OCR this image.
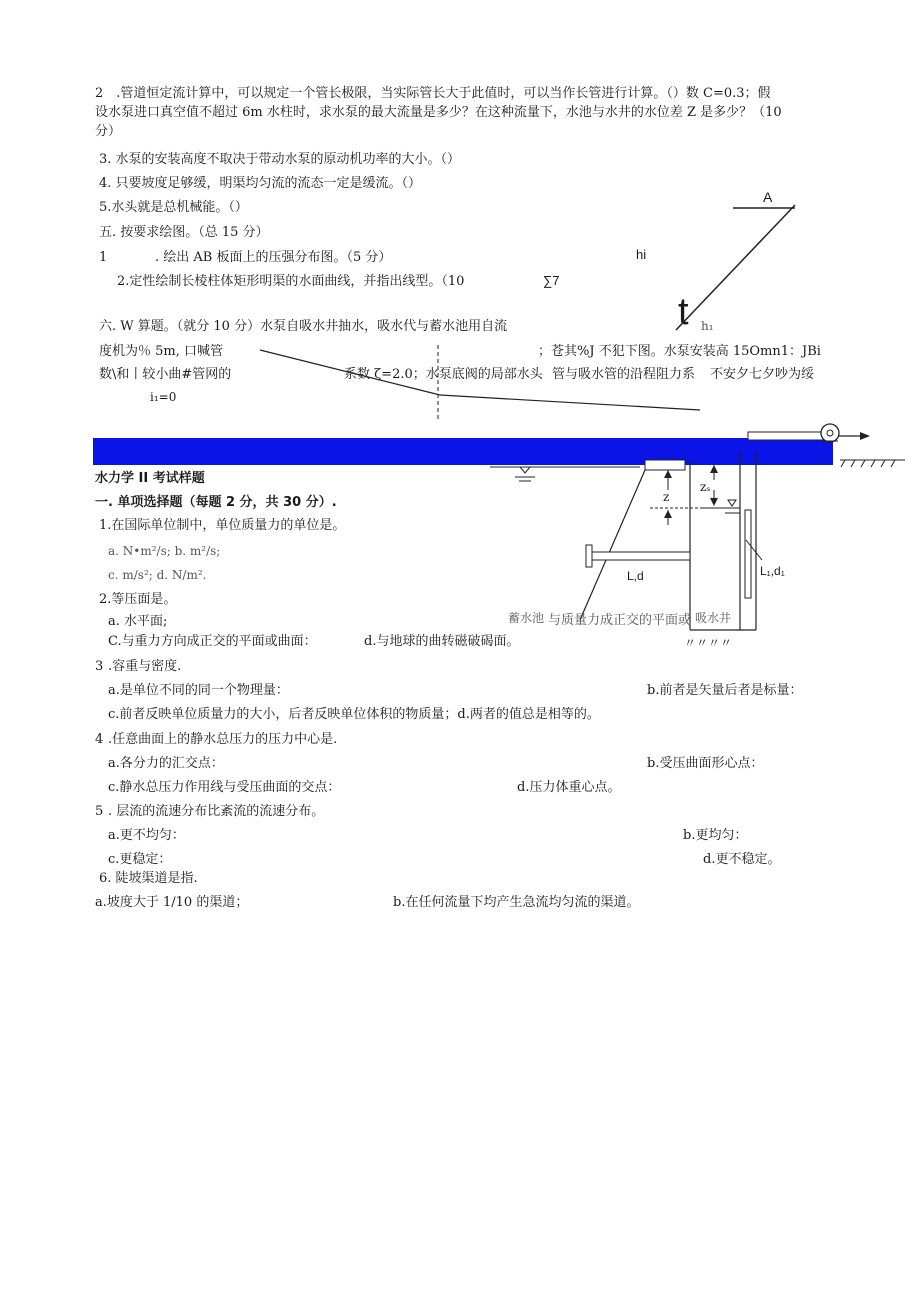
2　.管道恒定流计算中，可以规定一个管长极限，当实际管长大于此值时，可以当作长管进行计算。（）数 C=0.3；假
设水泵进口真空值不超过 6m 水柱时，求水泵的最大流量是多少？在这种流量下，水池与水井的水位差 Z 是多少？（10
分）
3. 水泵的安装高度不取决于带动水泵的原动机功率的大小。（）
4. 只要坡度足够缓，明渠均匀流的流态一定是缓流。（）
5.水头就是总机械能。（）
五. 按要求绘图。（总 15 分）
1	. 绘出 AB 板面上的压强分布图。（5 分）
2.定性绘制长棱柱体矩形明渠的水面曲线，并指出线型。（10
hi
∑7
A
t h₁
六. W 算题。（就分 10 分）水泵自吸水井抽水，吸水代与蓄水池用自流
度机为％ 5m, 口喊管	；苍其%J 不犯下图。水泵安装高 15Omn1：JBi
数\和丨较小曲#管网的	系数 ζ=2.0；水泵底阀的局部水头 管与吸水管的沿程阻力系 不安夕七夕吵为绥
i₁=0
zₛ
z
L,d	L₁,d₁
蓄水池	吸水井
与质量力成正交的平面或
〃〃〃〃
水力学 II 考试样题
一. 单项选择题（每题 2 分，共 30 分）.
1.在国际单位制中，单位质量力的单位是。
a. N•m²/s; b. m²/s;
c. m/s²; d. N/m².
2.等压面是。
a. 水平面;
C.与重力方向成正交的平面或曲面：	d.与地球的曲转磁破碣面。
3 .容重与密度.
a.是单位不同的同一个物理量：	b.前者是矢量后者是标量：
c.前者反映单位质量力的大小，后者反映单位体积的物质量；d.两者的值总是相等的。
4 .任意曲面上的静水总压力的压力中心是.
a.各分力的汇交点：	b.受压曲面形心点：
c.静水总压力作用线与受压曲面的交点：	d.压力体重心点。
5 . 层流的流速分布比紊流的流速分布。
a.更不均匀：	b.更均匀：
c.更稳定：	d.更不稳定。
6. 陡坡渠道是指.
a.坡度大于 1/10 的渠道；	b.在任何流量下均产生急流均匀流的渠道。
